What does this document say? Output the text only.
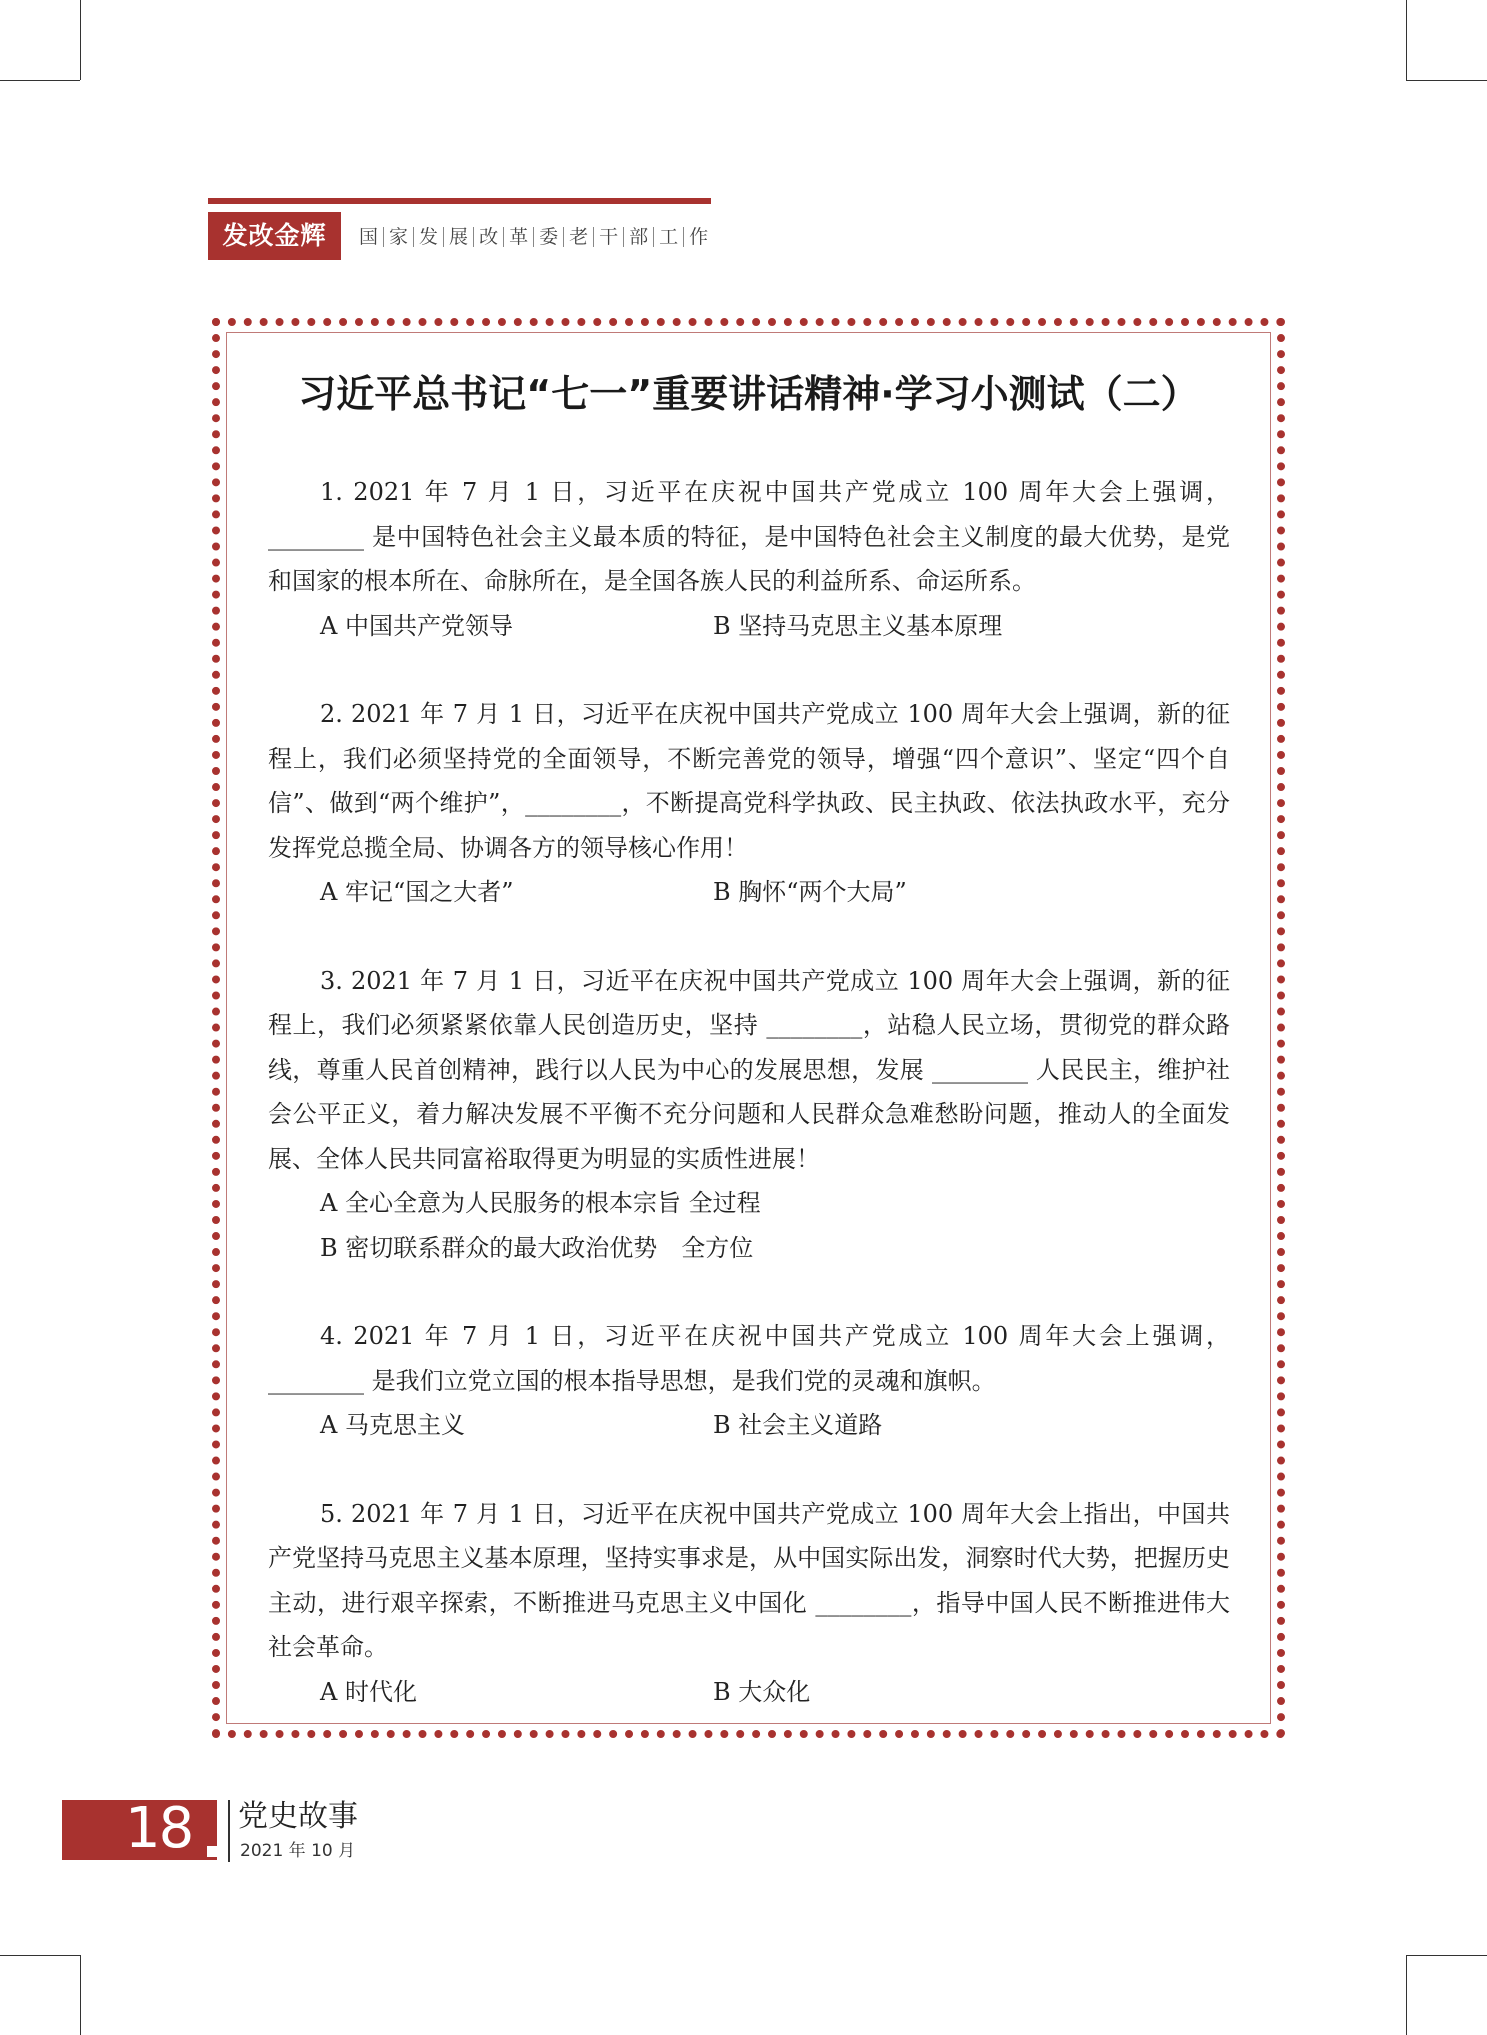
发改金辉	国 家 发 展 改 革 委 老 干 部 工 作
习近平总书记“七一”重要讲话精神·学习小测试（二）

1. 2021 年 7 月 1 日，习近平在庆祝中国共产党成立 100 周年大会上强调，________ 是中国特色社会主义最本质的特征，是中国特色社会主义制度的最大优势，是党和国家的根本所在、命脉所在，是全国各族人民的利益所系、命运所系。

A 中国共产党领导	B 坚持马克思主义基本原理

2. 2021 年 7 月 1 日，习近平在庆祝中国共产党成立 100 周年大会上强调，新的征程上，我们必须坚持党的全面领导，不断完善党的领导，增强“四个意识”、坚定“四个自信”、做到“两个维护”，________，不断提高党科学执政、民主执政、依法执政水平，充分发挥党总揽全局、协调各方的领导核心作用！

A 牢记“国之大者”	B 胸怀“两个大局”

3. 2021 年 7 月 1 日，习近平在庆祝中国共产党成立 100 周年大会上强调，新的征程上，我们必须紧紧依靠人民创造历史，坚持 ________，站稳人民立场，贯彻党的群众路线，尊重人民首创精神，践行以人民为中心的发展思想，发展 ________ 人民民主，维护社会公平正义，着力解决发展不平衡不充分问题和人民群众急难愁盼问题，推动人的全面发展、全体人民共同富裕取得更为明显的实质性进展！

A 全心全意为人民服务的根本宗旨 全过程
B 密切联系群众的最大政治优势　全方位

4. 2021 年 7 月 1 日，习近平在庆祝中国共产党成立 100 周年大会上强调，________ 是我们立党立国的根本指导思想，是我们党的灵魂和旗帜。

A 马克思主义	B 社会主义道路

5. 2021 年 7 月 1 日，习近平在庆祝中国共产党成立 100 周年大会上指出，中国共产党坚持马克思主义基本原理，坚持实事求是，从中国实际出发，洞察时代大势，把握历史主动，进行艰辛探索，不断推进马克思主义中国化 ________，指导中国人民不断推进伟大社会革命。

A 时代化	B 大众化
18 党史故事
2021 年 10 月
